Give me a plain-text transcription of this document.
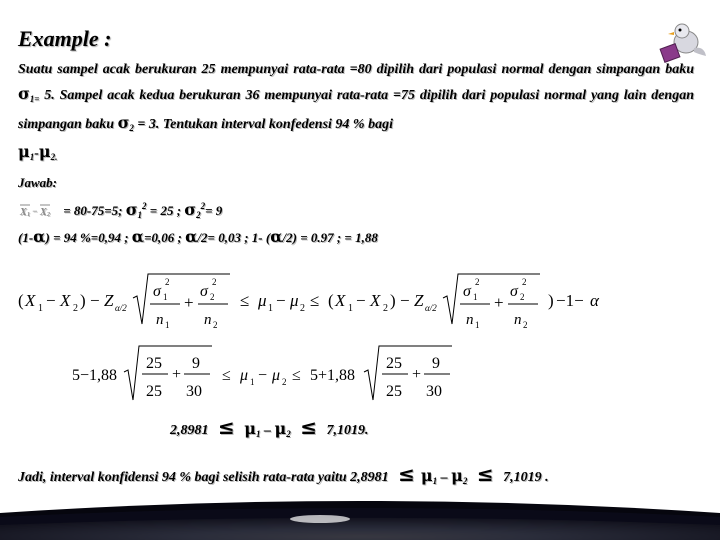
Example :
Suatu sampel acak berukuran 25 mempunyai rata-rata =80 dipilih dari populasi normal dengan simpangan baku $\sigma_{1=}$ 5. Sampel acak kedua berukuran 36 mempunyai rata-rata =75 dipilih dari populasi normal yang lain dengan simpangan baku $\sigma_2 = 3$. Tentukan interval konfedensi 94 % bagi
$\mu_1-\mu_{2.}$
Jawab:
X 1 − X 2 = 80-75=5; $\sigma_1^2 = 25$ ; $\sigma_2^2= 9$
(1-α) = 94 %=0,94 ; α=0,06 ; α/2= 0,03 ; 1- (α/2) = 0.97 ; = 1,88
( X 1 − X 2 ) − Z α/2
σ 1
2
n 1
+
σ 2
2
n 2
≤ μ 1 − μ 2 ≤ ( X 1 − X 2 ) − Z α/2
σ 1
2
n 1
+
σ 2
2
n 2
) −1− α
5−1,88
25
25
+
9
30
≤ μ 1 − μ 2 ≤ 5+1,88
25
25
+
9
30
$2,8981 \le \mu_1 - \mu_2 \le 7,1019$.
Jadi, interval konfidensi 94 % bagi selisih rata-rata yaitu $2,8981 \le \mu_1 - \mu_2 \le 7,1019$ .
